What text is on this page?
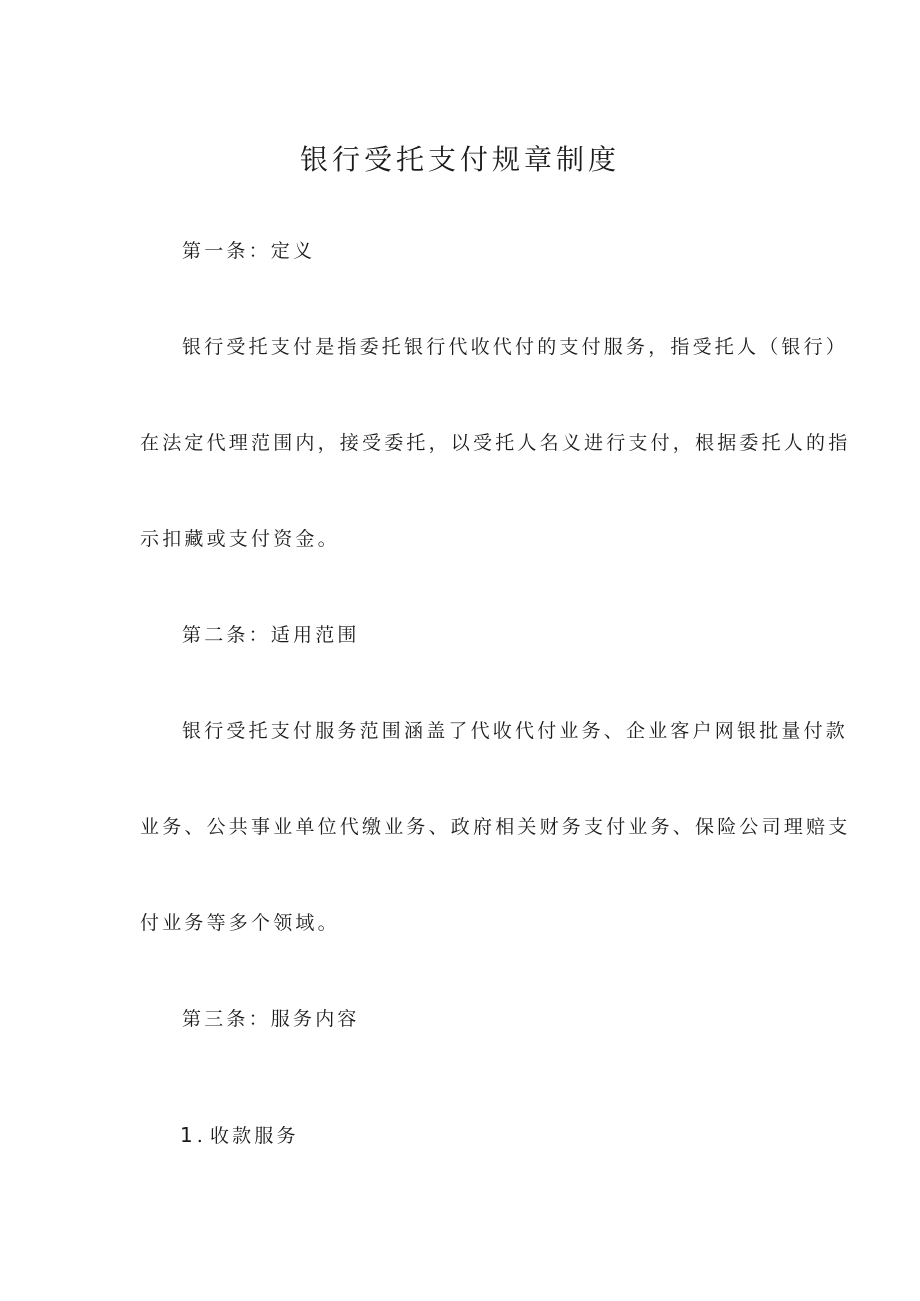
银行受托支付规章制度

第一条：定义

银行受托支付是指委托银行代收代付的支付服务，指受托人（银行）

在法定代理范围内，接受委托，以受托人名义进行支付，根据委托人的指

示扣藏或支付资金。

第二条：适用范围

银行受托支付服务范围涵盖了代收代付业务、企业客户网银批量付款

业务、公共事业单位代缴业务、政府相关财务支付业务、保险公司理赔支

付业务等多个领域。

第三条：服务内容

1 . 收款服务
